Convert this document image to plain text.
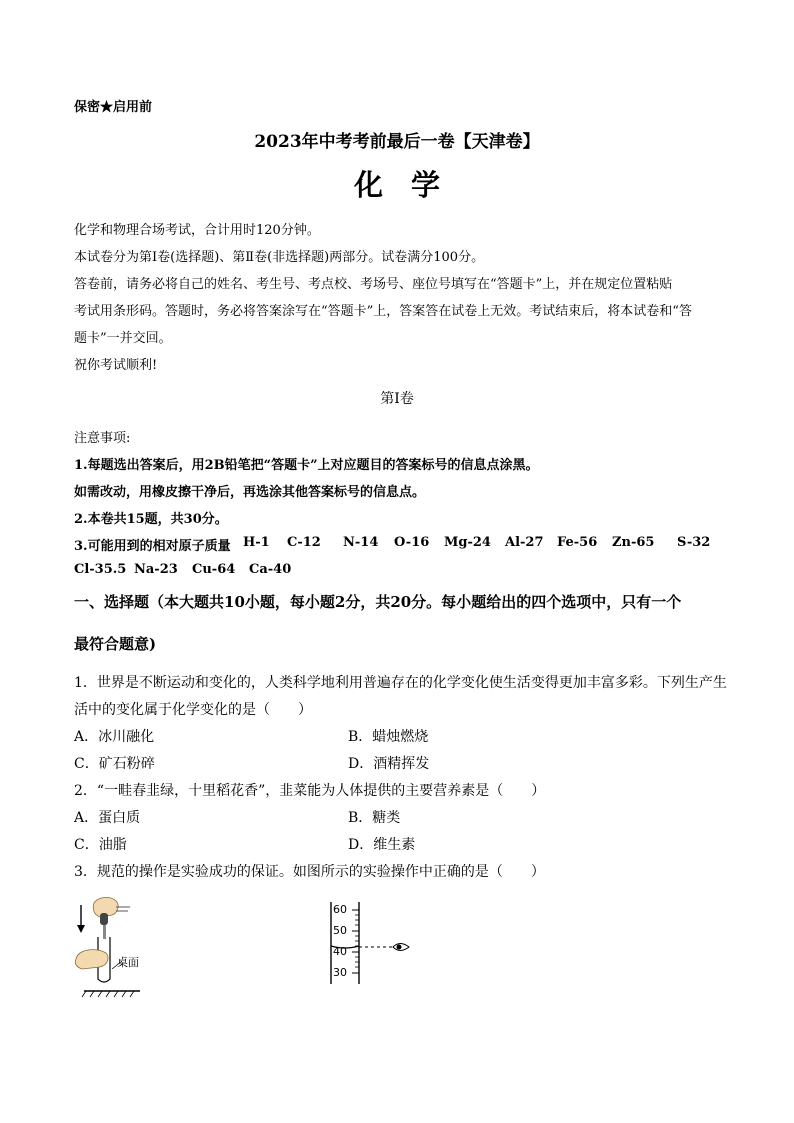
保密★启用前
2023年中考考前最后一卷【天津卷】
化学
化学和物理合场考试，合计用时120分钟。
本试卷分为第Ⅰ卷(选择题)、第Ⅱ卷(非选择题)两部分。试卷满分100分。
答卷前，请务必将自己的姓名、考生号、考点校、考场号、座位号填写在“答题卡”上，并在规定位置粘贴
考试用条形码。答题时，务必将答案涂写在“答题卡”上，答案答在试卷上无效。考试结束后，将本试卷和“答
题卡”一并交回。
祝你考试顺利!
第Ⅰ卷
注意事项:
1.每题选出答案后，用2B铅笔把“答题卡”上对应题目的答案标号的信息点涂黑。
如需改动，用橡皮擦干净后，再选涂其他答案标号的信息点。
2.本卷共15题，共30分。
3.可能用到的相对原子质量 H-1 C-12 N-14 O-16 Mg-24 Al-27 Fe-56 Zn-65 S-32
Cl-35.5 Na-23 Cu-64 Ca-40
一、选择题（本大题共10小题，每小题2分，共20分。每小题给出的四个选项中，只有一个
最符合题意)
1．世界是不断运动和变化的，人类科学地利用普遍存在的化学变化使生活变得更加丰富多彩。下列生产生
活中的变化属于化学变化的是（　　）
A．冰川融化	B．蜡烛燃烧
C．矿石粉碎	D．酒精挥发
2．“一畦春韭绿，十里稻花香”，韭菜能为人体提供的主要营养素是（　　）
A．蛋白质	B．糖类
C．油脂	D．维生素
3．规范的操作是实验成功的保证。如图所示的实验操作中正确的是（　　）
桌面
60
50
40
30
